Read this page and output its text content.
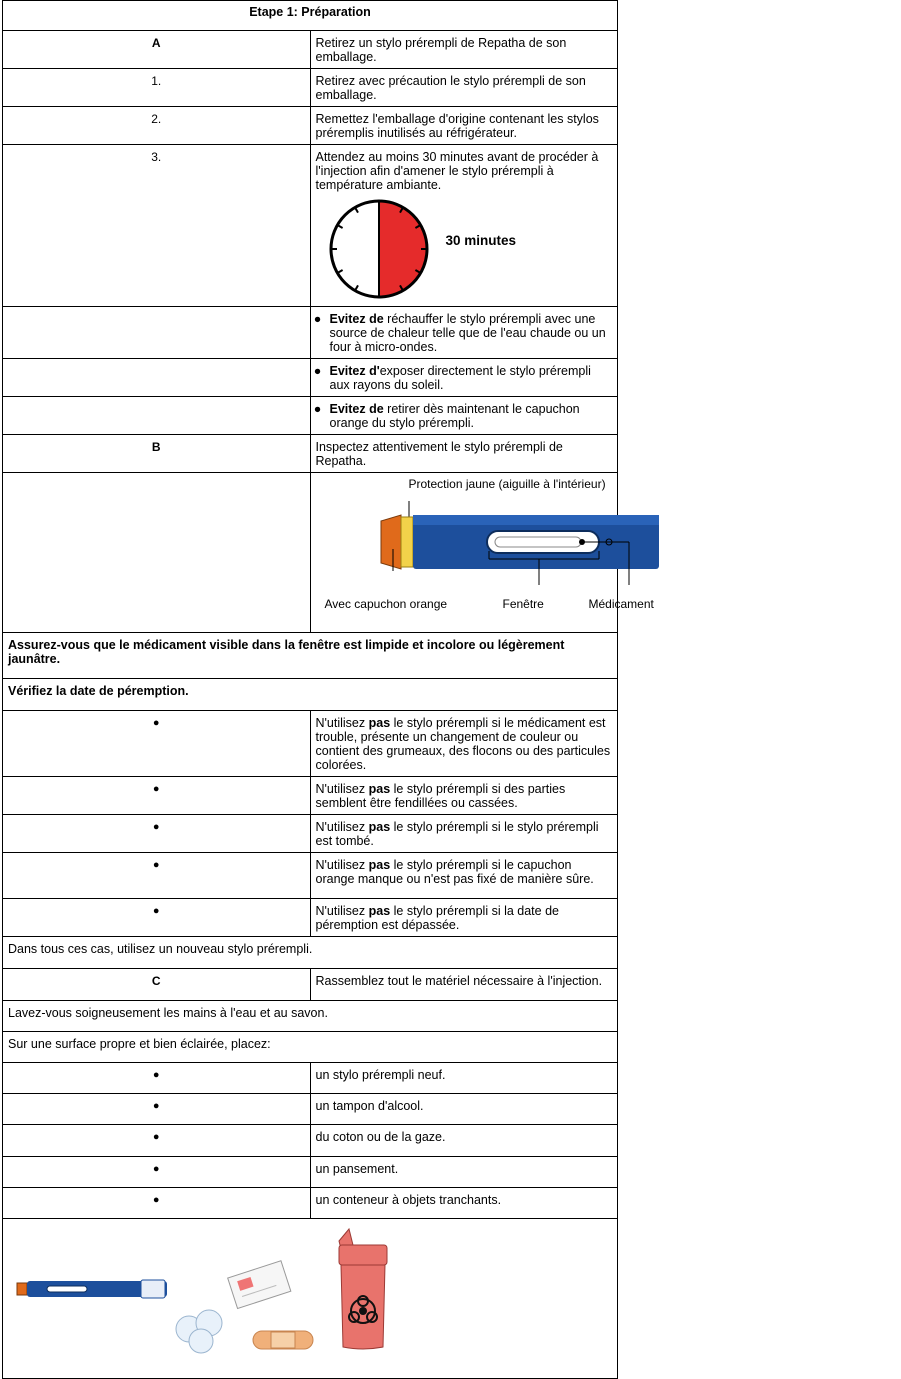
Etape 1: Préparation
A	Retirez un stylo prérempli de Repatha de son emballage.
1.	Retirez avec précaution le stylo prérempli de son emballage.
2.	Remettez l'emballage d'origine contenant les stylos préremplis inutilisés au réfrigérateur.
3.	Attendez au moins 30 minutes avant de procéder à l'injection afin d'amener le stylo prérempli à température ambiante.
30 minutes

●	Evitez de réchauffer le stylo prérempli avec une source de chaleur telle que de l'eau chaude ou un four à micro-ondes.

●	Evitez d'exposer directement le stylo prérempli aux rayons du soleil.

●	Evitez de retirer dès maintenant le capuchon orange du stylo prérempli.

B	Inspectez attentivement le stylo prérempli de Repatha.

Protection jaune (aiguille à l'intérieur)
Avec capuchon orange	Fenêtre	Médicament

Assurez-vous que le médicament visible dans la fenêtre est limpide et incolore ou légèrement jaunâtre.
Vérifiez la date de péremption.
●	N'utilisez pas le stylo prérempli si le médicament est trouble, présente un changement de couleur ou contient des grumeaux, des flocons ou des particules colorées.
●	N'utilisez pas le stylo prérempli si des parties semblent être fendillées ou cassées.
●	N'utilisez pas le stylo prérempli si le stylo prérempli est tombé.
●	N'utilisez pas le stylo prérempli si le capuchon orange manque ou n'est pas fixé de manière sûre.
●	N'utilisez pas le stylo prérempli si la date de péremption est dépassée.
Dans tous ces cas, utilisez un nouveau stylo prérempli.
C	Rassemblez tout le matériel nécessaire à l'injection.
Lavez-vous soigneusement les mains à l'eau et au savon.
Sur une surface propre et bien éclairée, placez:
●	un stylo prérempli neuf.
●	un tampon d'alcool.
●	du coton ou de la gaze.
●	un pansement.
●	un conteneur à objets tranchants.
